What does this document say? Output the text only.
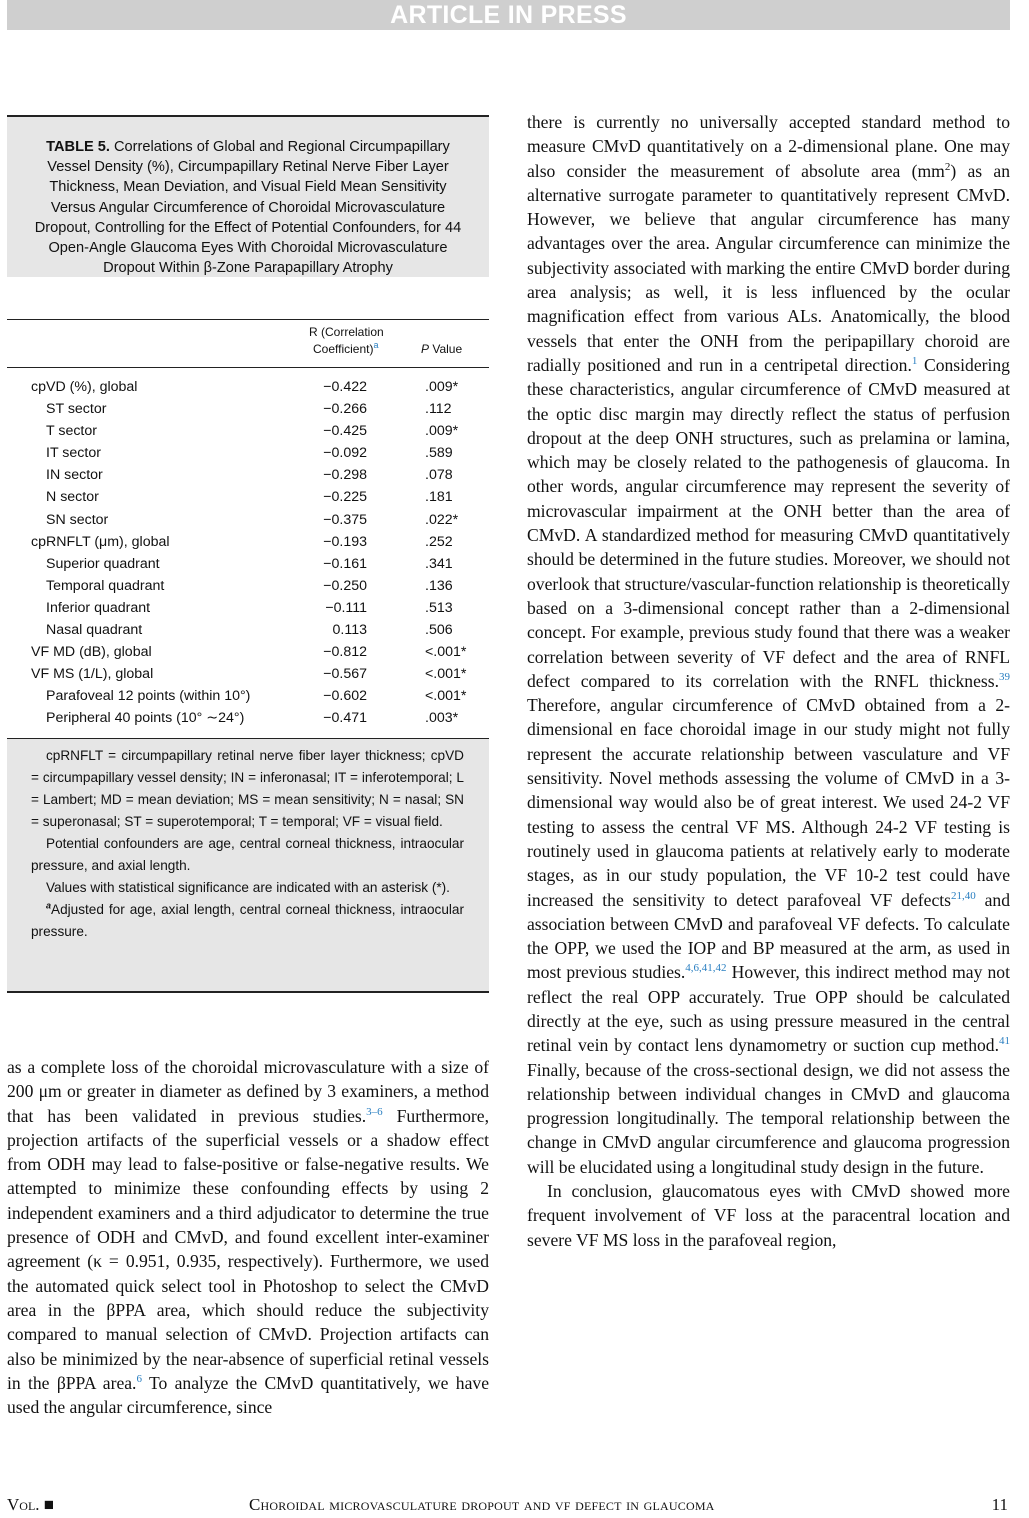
ARTICLE IN PRESS
TABLE 5. Correlations of Global and Regional Circumpapillary Vessel Density (%), Circumpapillary Retinal Nerve Fiber Layer Thickness, Mean Deviation, and Visual Field Mean Sensitivity Versus Angular Circumference of Choroidal Microvasculature Dropout, Controlling for the Effect of Potential Confounders, for 44 Open-Angle Glaucoma Eyes With Choroidal Microvasculature Dropout Within β-Zone Parapapillary Atrophy
R (Correlation
Coefficient)$^a$	P Value
cpVD (%), global	−0.422	.009*
ST sector	−0.266	.112
T sector	−0.425	.009*
IT sector	−0.092	.589
IN sector	−0.298	.078
N sector	−0.225	.181
SN sector	−0.375	.022*
cpRNFLT (μm), global	−0.193	.252
Superior quadrant	−0.161	.341
Temporal quadrant	−0.250	.136
Inferior quadrant	−0.111	.513
Nasal quadrant	0.113	.506
VF MD (dB), global	−0.812	<.001*
VF MS (1/L), global	−0.567	<.001*
Parafoveal 12 points (within 10°)	−0.602	<.001*
Peripheral 40 points (10° ∼24°)	−0.471	.003*

cpRNFLT = circumpapillary retinal nerve fiber layer thickness; cpVD = circumpapillary vessel density; IN = inferonasal; IT = inferotemporal; L = Lambert; MD = mean deviation; MS = mean sensitivity; N = nasal; SN = superonasal; ST = superotemporal; T = temporal; VF = visual field.

Potential confounders are age, central corneal thickness, intraocular pressure, and axial length.

Values with statistical significance are indicated with an asterisk (*).

$^a$Adjusted for age, axial length, central corneal thickness, intraocular pressure.

as a complete loss of the choroidal microvasculature with a size of 200 μm or greater in diameter as defined by 3 examiners, a method that has been validated in previous studies.$^{3-6}$ Furthermore, projection artifacts of the superficial vessels or a shadow effect from ODH may lead to false-positive or false-negative results. We attempted to minimize these confounding effects by using 2 independent examiners and a third adjudicator to determine the true presence of ODH and CMvD, and found excellent inter-examiner agreement (κ = 0.951, 0.935, respectively). Furthermore, we used the automated quick select tool in Photoshop to select the CMvD area in the βPPA area, which should reduce the subjectivity compared to manual selection of CMvD. Projection artifacts can also be minimized by the near-absence of superficial retinal vessels in the βPPA area.$^6$ To analyze the CMvD quantitatively, we have used the angular circumference, since

there is currently no universally accepted standard method to measure CMvD quantitatively on a 2-dimensional plane. One may also consider the measurement of absolute area $(mm^2)$ as an alternative surrogate parameter to quantitatively represent CMvD. However, we believe that angular circumference has many advantages over the area. Angular circumference can minimize the subjectivity associated with marking the entire CMvD border during area analysis; as well, it is less influenced by the ocular magnification effect from various ALs. Anatomically, the blood vessels that enter the ONH from the peripapillary choroid are radially positioned and run in a centripetal direction.$^1$ Considering these characteristics, angular circumference of CMvD measured at the optic disc margin may directly reflect the status of perfusion dropout at the deep ONH structures, such as prelamina or lamina, which may be closely related to the pathogenesis of glaucoma. In other words, angular circumference may represent the severity of microvascular impairment at the ONH better than the area of CMvD. A standardized method for measuring CMvD quantitatively should be determined in the future studies. Moreover, we should not overlook that structure/vascular-function relationship is theoretically based on a 3-dimensional concept rather than a 2-dimensional concept. For example, previous study found that there was a weaker correlation between severity of VF defect and the area of RNFL defect compared to its correlation with the RNFL thickness.$^{39}$ Therefore, angular circumference of CMvD obtained from a 2-dimensional en face choroidal image in our study might not fully represent the accurate relationship between vasculature and VF sensitivity. Novel methods assessing the volume of CMvD in a 3-dimensional way would also be of great interest. We used 24-2 VF testing to assess the central VF MS. Although 24-2 VF testing is routinely used in glaucoma patients at relatively early to moderate stages, as in our study population, the VF 10-2 test could have increased the sensitivity to detect parafoveal VF defects$^{21,40}$ and association between CMvD and parafoveal VF defects. To calculate the OPP, we used the IOP and BP measured at the arm, as used in most previous studies.$^{4,6,41,42}$ However, this indirect method may not reflect the real OPP accurately. True OPP should be calculated directly at the eye, such as using pressure measured in the central retinal vein by contact lens dynamometry or suction cup method.$^{41}$ Finally, because of the cross-sectional design, we did not assess the relationship between individual changes in CMvD and glaucoma progression longitudinally. The temporal relationship between the change in CMvD angular circumference and glaucoma progression will be elucidated using a longitudinal study design in the future.

In conclusion, glaucomatous eyes with CMvD showed more frequent involvement of VF loss at the paracentral location and severe VF MS loss in the parafoveal region,

Vol. ■	Choroidal microvasculature dropout and vf defect in glaucoma	11
